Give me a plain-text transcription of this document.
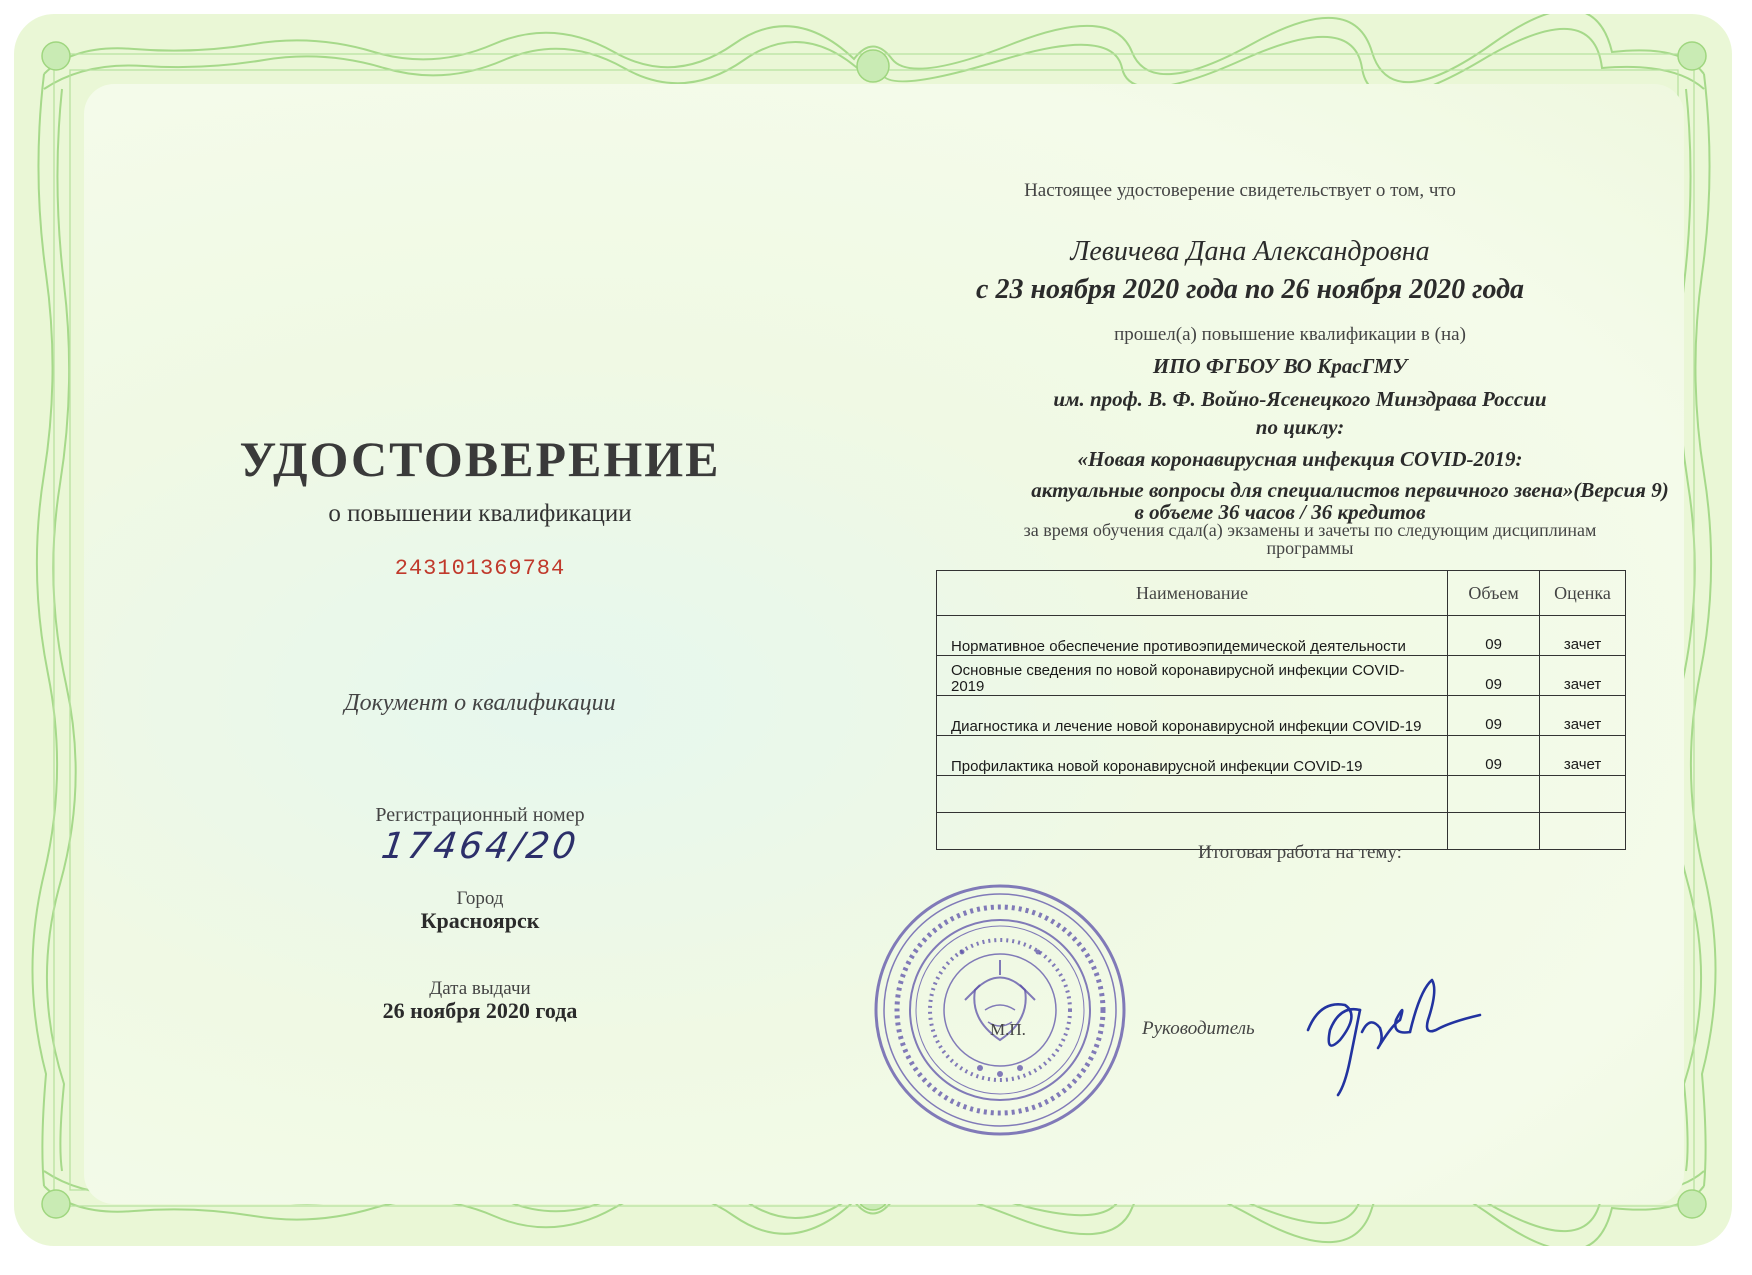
УДОСТОВЕРЕНИЕ
о повышении квалификации
243101369784
Документ о квалификации
Регистрационный номер
17464/20
Город
Красноярск
Дата выдачи
26 ноября 2020 года
Настоящее удостоверение свидетельствует о том, что
Левичева Дана Александровна
с 23 ноября 2020 года по 26 ноября 2020 года
прошел(а) повышение квалификации в (на)
ИПО ФГБОУ ВО КрасГМУ
им. проф. В. Ф. Войно-Ясенецкого Минздрава России
по циклу:
«Новая коронавирусная инфекция COVID-2019:
актуальные вопросы для специалистов первичного звена»(Версия 9)
в объеме 36 часов / 36 кредитов
за время обучения сдал(а) экзамены и зачеты по следующим дисциплинам
программы
Наименование	Объем	Оценка
Нормативное обеспечение противоэпидемической деятельности	09	зачет
Основные сведения по новой коронавирусной инфекции COVID-2019	09	зачет
Диагностика и лечение новой коронавирусной инфекции COVID-19	09	зачет
Профилактика новой коронавирусной инфекции COVID-19	09	зачет

Итоговая работа на тему:
М.П.	Руководитель
